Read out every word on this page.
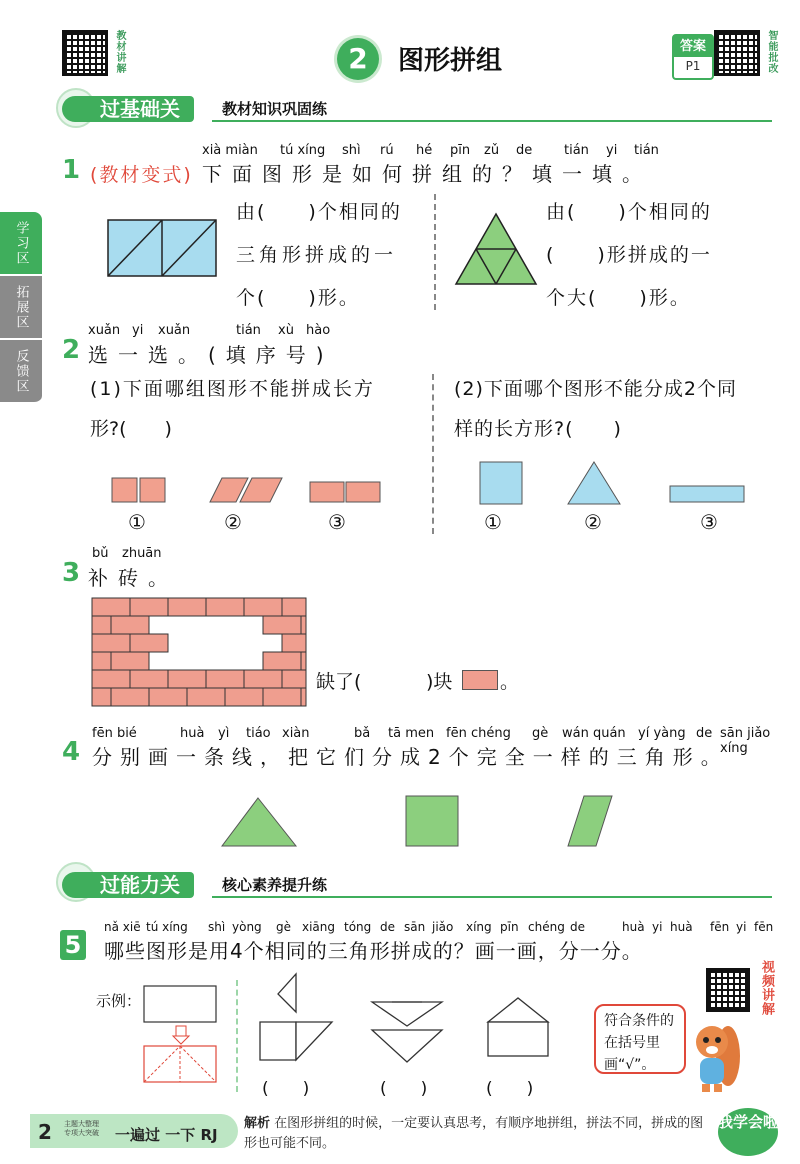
教材讲解	2	图形拼组	答案
P1	智能批改
学习区
拓展区
反馈区
过基础关	教材知识巩固练
1
xià miàn tú xíng shì rú hé pīn zǔ de tián yi tián
(教材变式) 下面图形是如何拼组的？填一填。
由(　　)个相同的
三角形拼成的一
个(　　)形。
由(　　)个相同的
(　　)形拼成的一
个大(　　)形。
2
xuǎn yi xuǎn	tián xù hào
选一选。(填序号)
(1)下面哪组图形不能拼成长方
形?(　　)
(2)下面哪个图形不能分成2个同
样的长方形?(　　)
①	②	③	①	②	③
3
bǔ zhuān
补砖。
缺了(	)块	。
4
fēn bié	huà yì tiáo xiàn	bǎ tā men fēn chéng gè wán quán yí yàng de sān jiǎo xíng
分别画一条线，把它们分成2个完全一样的三角形。
过能力关	核心素养提升练
5
nǎ xiē tú xíng shì yòng gè xiāng tóng de sān jiǎo xíng pīn chéng de	huà yi huà fēn yi fēn
哪些图形是用4个相同的三角形拼成的？画一画，分一分。
示例：
(　　)	(　　)	(　　)
视频讲解
符合条件的在括号里画“√”。
2 主题大整理 专项大突破	一遍过 一下 RJ
解析 在图形拼组的时候，一定要认真思考，有顺序地拼组，拼法不同，拼成的图形也可能不同。
我学会啦
